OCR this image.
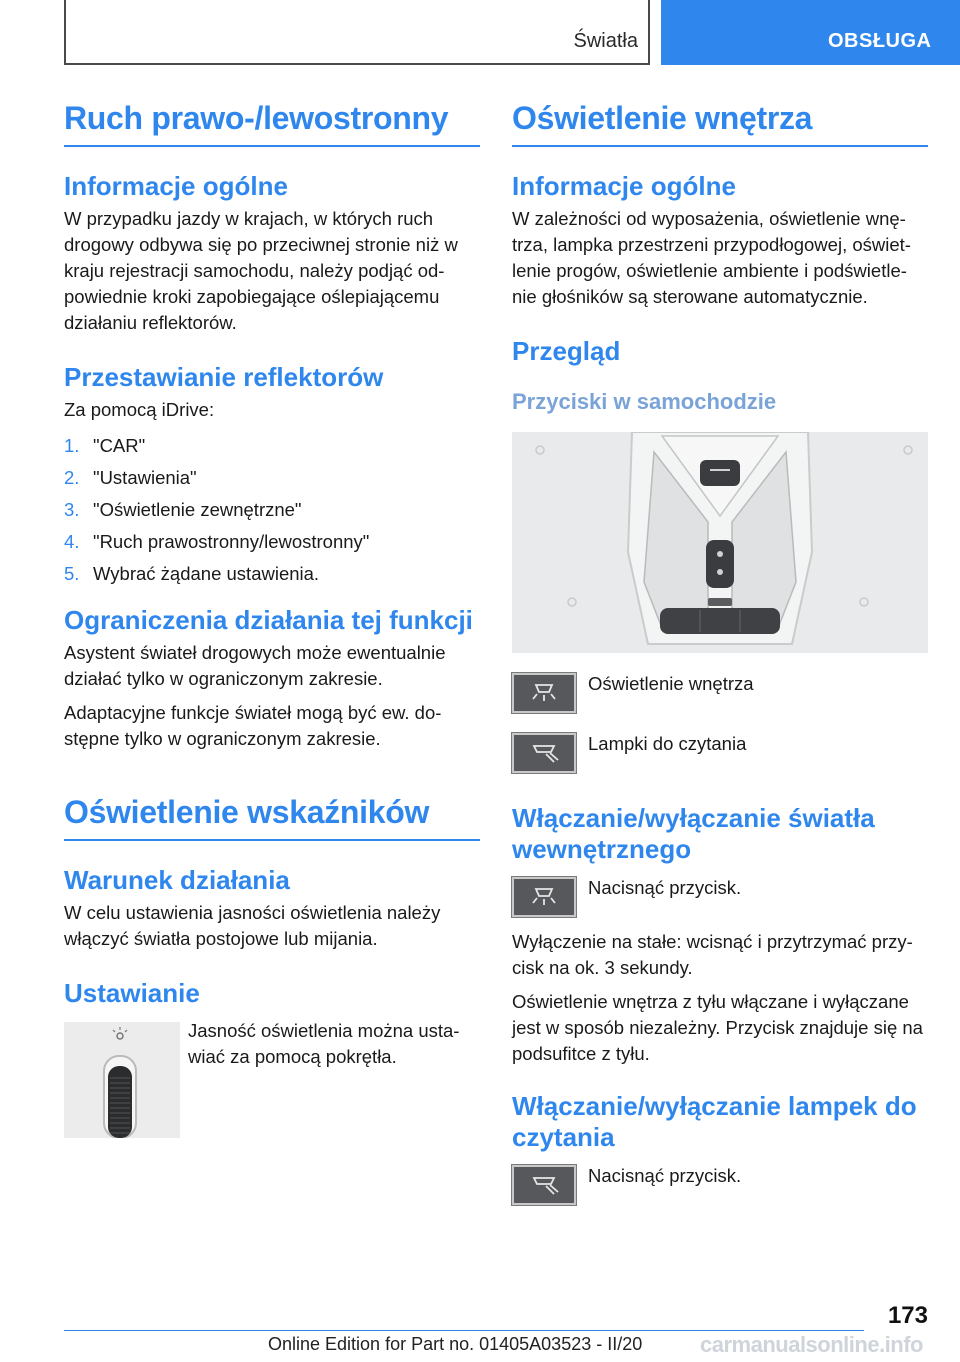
Światła	OBSŁUGA
Ruch prawo-/lewostronny
Informacje ogólne

W przypadku jazdy w krajach, w których ruch drogowy odbywa się po przeciwnej stronie niż w kraju rejestracji samochodu, należy podjąć od-powiednie kroki zapobiegające oślepiającemu działaniu reflektorów.

Przestawianie reflektorów

Za pomocą iDrive:

1. "CAR"
2. "Ustawienia"
3. "Oświetlenie zewnętrzne"
4. "Ruch prawostronny/lewostronny"
5. Wybrać żądane ustawienia.
Ograniczenia działania tej funkcji

Asystent świateł drogowych może ewentualnie działać tylko w ograniczonym zakresie.

Adaptacyjne funkcje świateł mogą być ew. do-stępne tylko w ograniczonym zakresie.

Oświetlenie wskaźników
Warunek działania

W celu ustawienia jasności oświetlenia należy włączyć światła postojowe lub mijania.

Ustawianie

Jasność oświetlenia można usta-wiać za pomocą pokrętła.

Oświetlenie wnętrza
Informacje ogólne

W zależności od wyposażenia, oświetlenie wnę-trza, lampka przestrzeni przypodłogowej, oświet-lenie progów, oświetlenie ambiente i podświetle-nie głośników są sterowane automatycznie.

Przegląd
Przyciski w samochodzie
Oświetlenie wnętrza
Lampki do czytania
Włączanie/wyłączanie światła wewnętrznego
Nacisnąć przycisk.

Wyłączenie na stałe: wcisnąć i przytrzymać przy-cisk na ok. 3 sekundy.

Oświetlenie wnętrza z tyłu włączane i wyłączane jest w sposób niezależny. Przycisk znajduje się na podsufitce z tyłu.

Włączanie/wyłączanie lampek do czytania
Nacisnąć przycisk.
173
carmanualsonline.info
Online Edition for Part no. 01405A03523 - II/20
